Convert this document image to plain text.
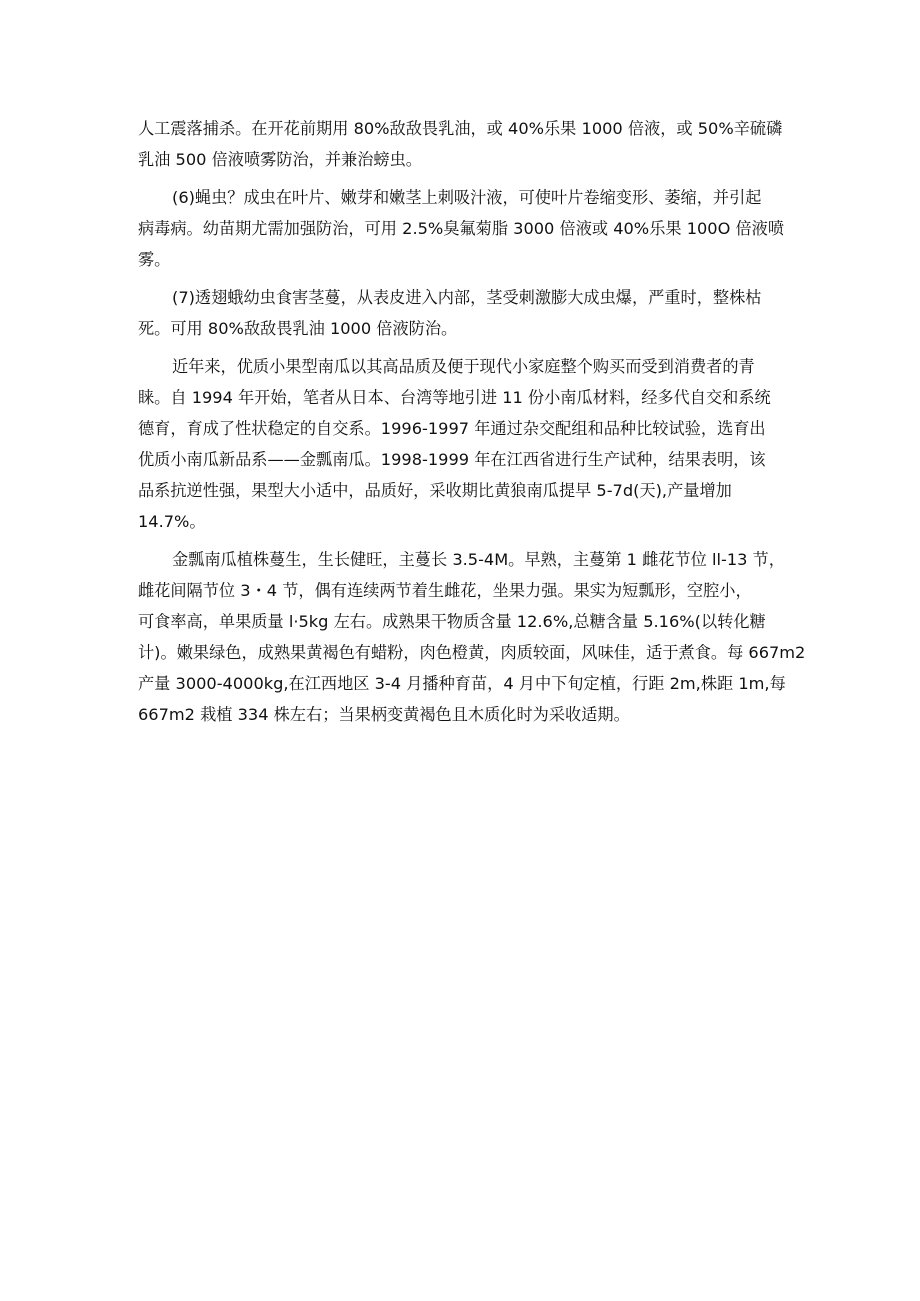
人工震落捕杀。在开花前期用 80%敌敌畏乳油，或 40%乐果 1000 倍液，或 50%辛硫磷
乳油 500 倍液喷雾防治，并兼治螃虫。
(6)蝇虫？成虫在叶片、嫩芽和嫩茎上刺吸汁液，可使叶片卷缩变形、萎缩，并引起
病毒病。幼苗期尤需加强防治，可用 2.5%臭氟菊脂 3000 倍液或 40%乐果 100O 倍液喷
雾。
(7)透翅蛾幼虫食害茎蔓，从表皮进入内部，茎受刺激膨大成虫爆，严重时，整株枯
死。可用 80%敌敌畏乳油 1000 倍液防治。
近年来，优质小果型南瓜以其高品质及便于现代小家庭整个购买而受到消费者的青
睐。自 1994 年开始，笔者从日本、台湾等地引进 11 份小南瓜材料，经多代自交和系统
德育，育成了性状稳定的自交系。1996-1997 年通过杂交配组和品种比较试验，选育出
优质小南瓜新品系——金瓢南瓜。1998-1999 年在江西省进行生产试种，结果表明，该
品系抗逆性强，果型大小适中，品质好，采收期比黄狼南瓜提早 5-7d(天),产量增加
14.7%。
金瓢南瓜植株蔓生，生长健旺，主蔓长 3.5-4M。早熟，主蔓第 1 雌花节位 ll-13 节，
雌花间隔节位 3・4 节，偶有连续两节着生雌花，坐果力强。果实为短瓢形，空腔小，
可食率高，单果质量 l·5kg 左右。成熟果干物质含量 12.6%,总糖含量 5.16%(以转化糖
计)。嫩果绿色，成熟果黄褐色有蜡粉，肉色橙黄，肉质较面，风味佳，适于煮食。每 667m2
产量 3000-4000kg,在江西地区 3-4 月播种育苗，4 月中下旬定植，行距 2m,株距 1m,每
667m2 栽植 334 株左右；当果柄变黄褐色且木质化时为采收适期。
